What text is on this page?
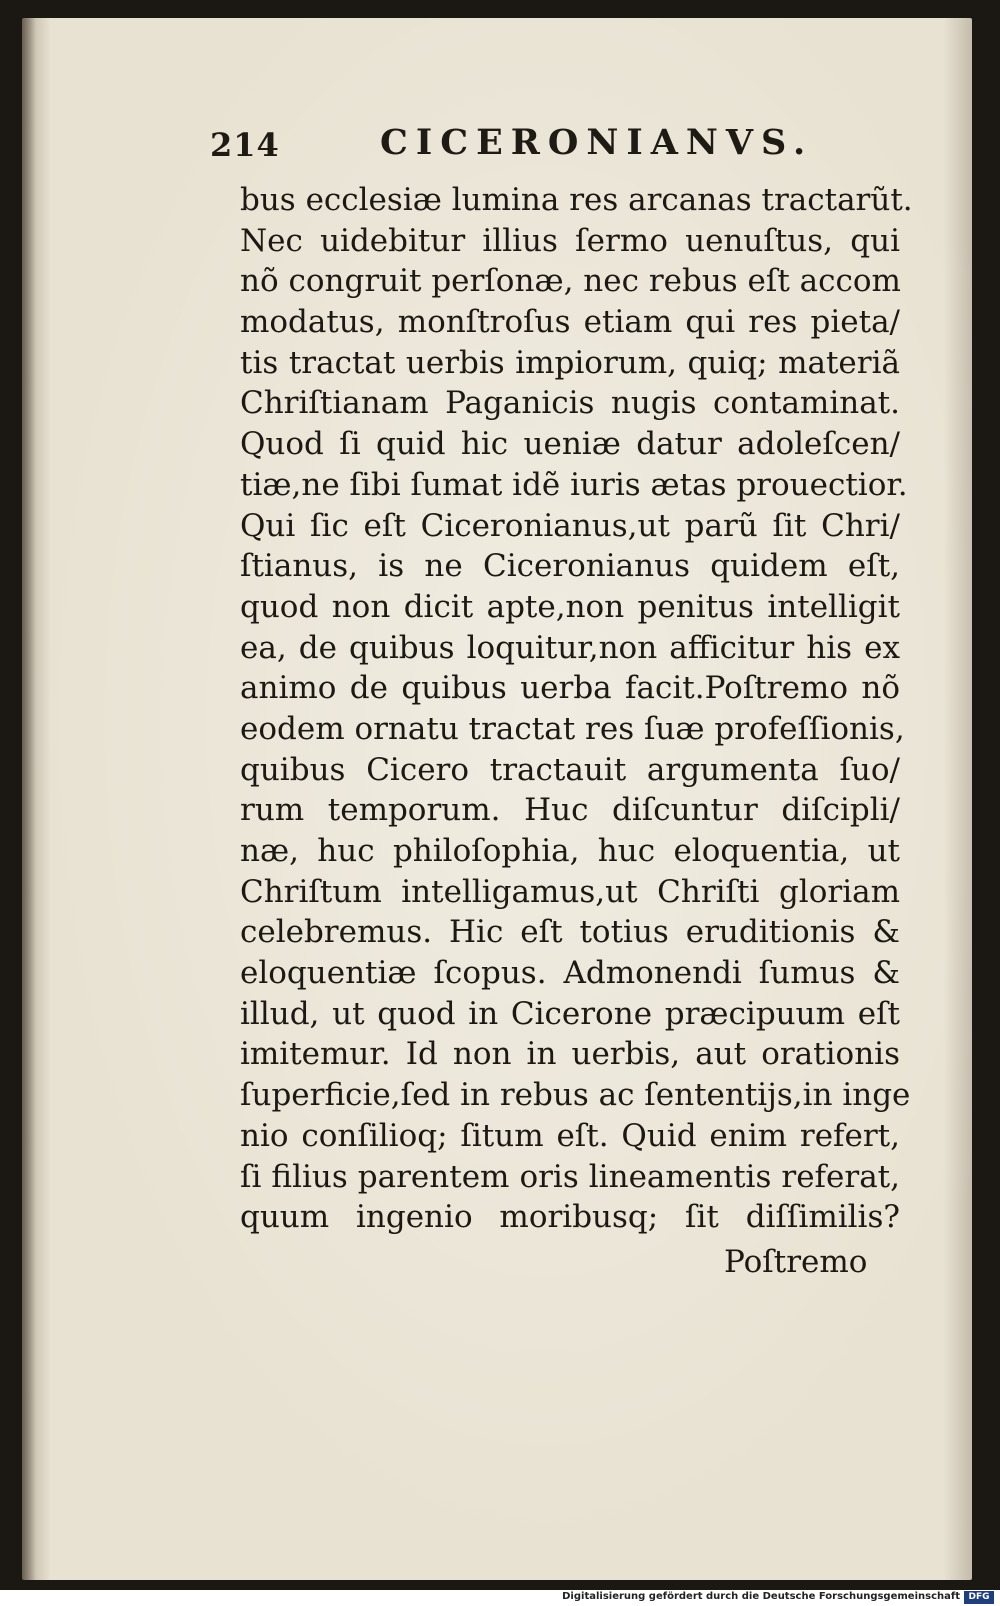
214	CICERONIANVS.
bus ecclesiæ lumina res arcanas tractarũt.
Nec uidebitur illius ſermo uenuſtus, qui
nõ congruit perſonæ, nec rebus eſt accom
modatus, monſtroſus etiam qui res pieta/
tis tractat uerbis impiorum, quiq; materiã
Chriſtianam Paganicis nugis contaminat.
Quod ſi quid hic ueniæ datur adoleſcen/
tiæ,ne ſibi ſumat idẽ iuris ætas prouectior.
Qui ſic eſt Ciceronianus,ut parũ ſit Chri/
ſtianus, is ne Ciceronianus quidem eſt,
quod non dicit apte,non penitus intelligit
ea, de quibus loquitur,non afficitur his ex
animo de quibus uerba facit.Poſtremo nõ
eodem ornatu tractat res ſuæ profeſſionis,
quibus Cicero tractauit argumenta ſuo/
rum temporum. Huc diſcuntur diſcipli/
næ, huc philoſophia, huc eloquentia, ut
Chriſtum intelligamus,ut Chriſti gloriam
celebremus. Hic eſt totius eruditionis &
eloquentiæ ſcopus. Admonendi ſumus &
illud, ut quod in Cicerone præcipuum eſt
imitemur. Id non in uerbis, aut orationis
ſuperficie,ſed in rebus ac ſententijs,in inge
nio conſilioq; ſitum eſt. Quid enim refert,
ſi filius parentem oris lineamentis referat,
quum ingenio moribusq; ſit diſſimilis?
Poſtremo
Digitalisierung gefördert durch die Deutsche Forschungsgemeinschaft DFG
